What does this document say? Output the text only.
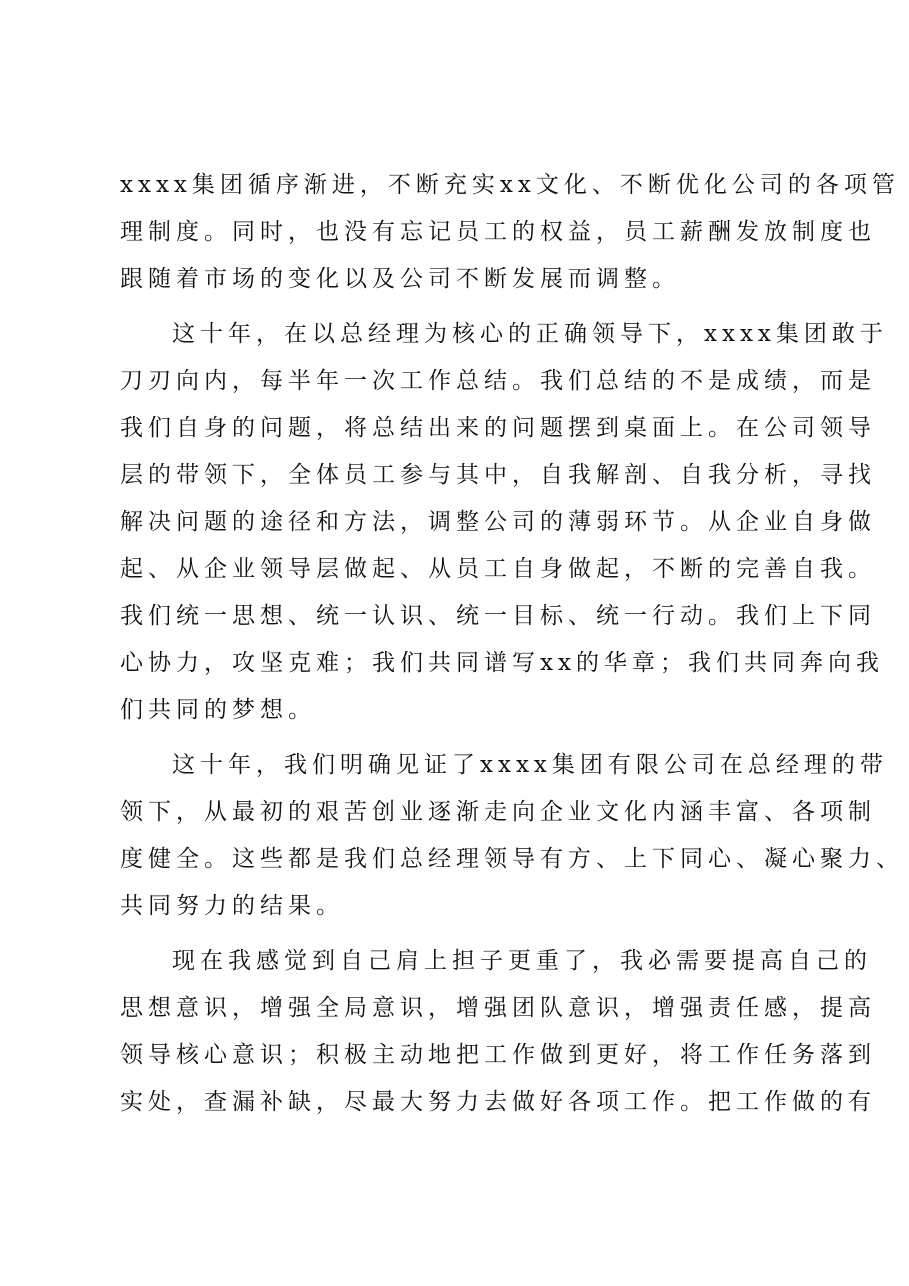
xxxx集团循序渐进，不断充实xx文化、不断优化公司的各项管
理制度。同时，也没有忘记员工的权益，员工薪酬发放制度也
跟随着市场的变化以及公司不断发展而调整。
这十年，在以总经理为核心的正确领导下，xxxx集团敢于
刀刃向内，每半年一次工作总结。我们总结的不是成绩，而是
我们自身的问题，将总结出来的问题摆到桌面上。在公司领导
层的带领下，全体员工参与其中，自我解剖、自我分析，寻找
解决问题的途径和方法，调整公司的薄弱环节。从企业自身做
起、从企业领导层做起、从员工自身做起，不断的完善自我。
我们统一思想、统一认识、统一目标、统一行动。我们上下同
心协力，攻坚克难；我们共同谱写xx的华章；我们共同奔向我
们共同的梦想。
这十年，我们明确见证了xxxx集团有限公司在总经理的带
领下，从最初的艰苦创业逐渐走向企业文化内涵丰富、各项制
度健全。这些都是我们总经理领导有方、上下同心、凝心聚力、
共同努力的结果。
现在我感觉到自己肩上担子更重了，我必需要提高自己的
思想意识，增强全局意识，增强团队意识，增强责任感，提高
领导核心意识；积极主动地把工作做到更好，将工作任务落到
实处，查漏补缺，尽最大努力去做好各项工作。把工作做的有
